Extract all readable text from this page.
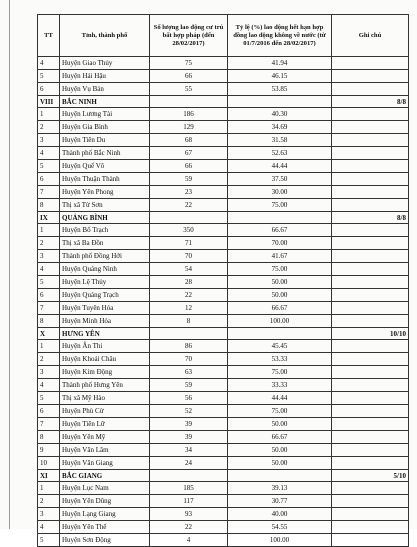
TT	Tỉnh, thành phố	Số lượng lao động cư trú bất hợp pháp (đến 28/02/2017)	Tỷ lệ (%) lao động hết hạn hợp đồng lao động không về nước (từ 01/7/2016 đến 28/02/2017)	Ghi chú
4	Huyện Giao Thủy	75	41.94	
5	Huyện Hải Hậu	66	46.15	
6	Huyện Vụ Bản	55	53.85	
VIII	BẮC NINH			8/8
1	Huyện Lương Tài	186	40.30	
2	Huyện Gia Bình	129	34.69	
3	Huyện Tiên Du	68	31.58	
4	Thành phố Bắc Ninh	67	52.63	
5	Huyện Quế Võ	66	44.44	
6	Huyện Thuận Thành	59	37.50	
7	Huyện Yên Phong	23	30.00	
8	Thị xã Từ Sơn	22	75.00	
IX	QUẢNG BÌNH			8/8
1	Huyện Bố Trạch	350	66.67	
2	Thị xã Ba Đồn	71	70.00	
3	Thành phố Đồng Hới	70	41.67	
4	Huyện Quảng Ninh	54	75.00	
5	Huyện Lệ Thủy	28	50.00	
6	Huyện Quảng Trạch	22	50.00	
7	Huyện Tuyên Hóa	12	66.67	
8	Huyện Minh Hóa	8	100.00	
X	HƯNG YÊN			10/10
1	Huyện Ân Thi	86	45.45	
2	Huyện Khoái Châu	70	53.33	
3	Huyện Kim Động	63	75.00	
4	Thành phố Hưng Yên	59	33.33	
5	Thị xã Mỹ Hào	56	44.44	
6	Huyện Phù Cừ	52	75.00	
7	Huyện Tiên Lữ	39	50.00	
8	Huyện Yên Mỹ	39	66.67	
9	Huyện Văn Lâm	34	50.00	
10	Huyện Văn Giang	24	50.00	
XI	BẮC GIANG			5/10
1	Huyện Lục Nam	185	39.13	
2	Huyện Yên Dũng	117	30.77	
3	Huyện Lạng Giang	93	40.00	
4	Huyện Yên Thế	22	54.55	
5	Huyện Sơn Động	4	100.00	
